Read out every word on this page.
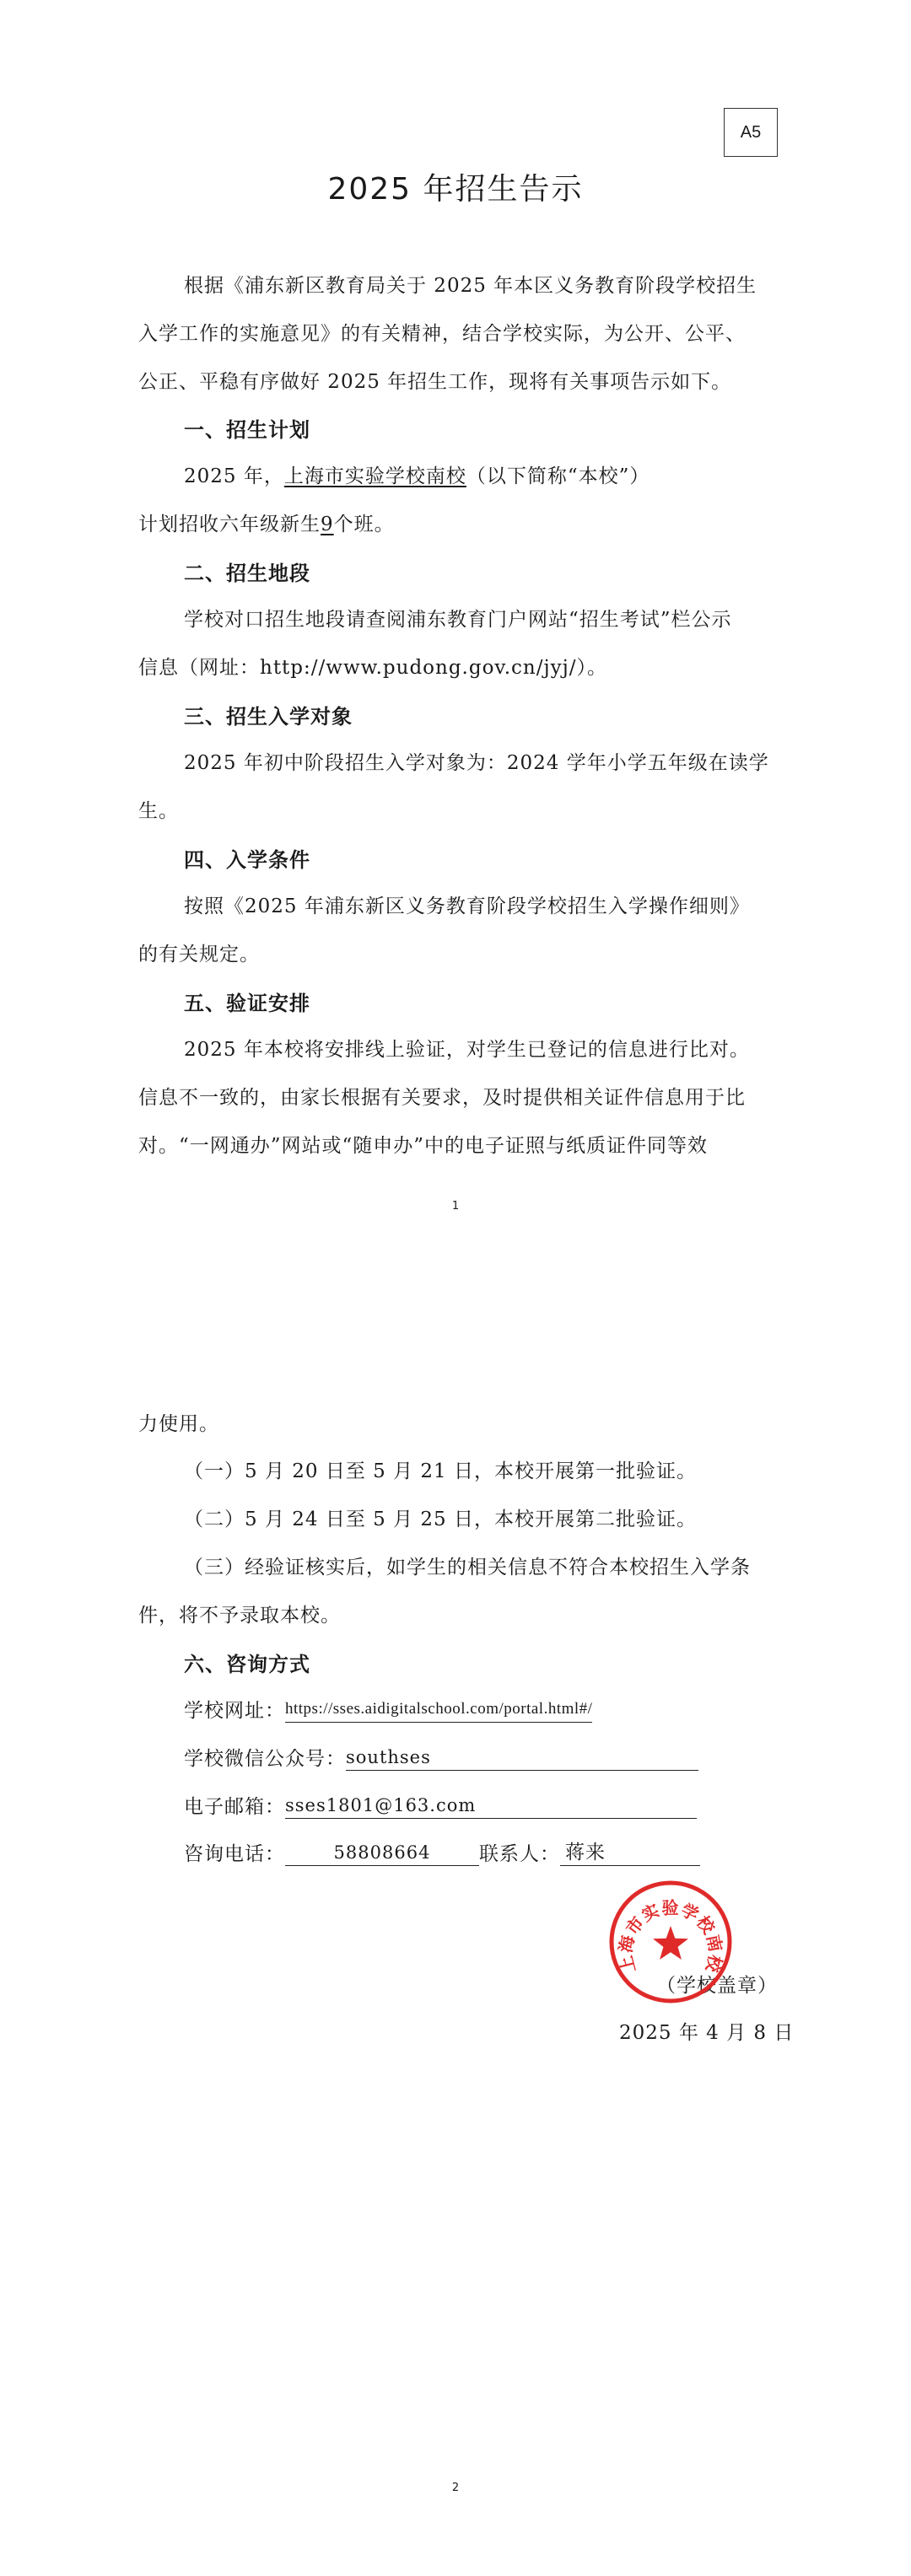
A5
2025 年招生告示
根据《浦东新区教育局关于 2025 年本区义务教育阶段学校招生
入学工作的实施意见》的有关精神，结合学校实际，为公开、公平、
公正、平稳有序做好 2025 年招生工作，现将有关事项告示如下。
一、招生计划
2025 年，上海市实验学校南校（以下简称“本校”）
计划招收六年级新生9个班。
二、招生地段
学校对口招生地段请查阅浦东教育门户网站“招生考试”栏公示
信息（网址：http://www.pudong.gov.cn/jyj/）。
三、招生入学对象
2025 年初中阶段招生入学对象为：2024 学年小学五年级在读学
生。
四、入学条件
按照《2025 年浦东新区义务教育阶段学校招生入学操作细则》
的有关规定。
五、验证安排
2025 年本校将安排线上验证，对学生已登记的信息进行比对。
信息不一致的，由家长根据有关要求，及时提供相关证件信息用于比
对。“一网通办”网站或“随申办”中的电子证照与纸质证件同等效
1
力使用。
（一）5 月 20 日至 5 月 21 日，本校开展第一批验证。
（二）5 月 24 日至 5 月 25 日，本校开展第二批验证。
（三）经验证核实后，如学生的相关信息不符合本校招生入学条
件，将不予录取本校。
六、咨询方式
学校网址：https://sses.aidigitalschool.com/portal.html#/
学校微信公众号：southses
电子邮箱：sses1801@163.com
咨询电话：	58808664	联系人： 蒋来
（学校盖章）
2025 年 4 月 8 日
2
上海市实验学校南校
